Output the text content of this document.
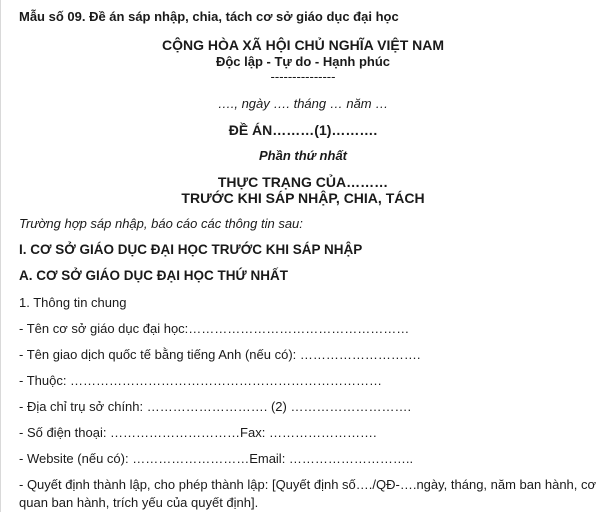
Mẫu số 09. Đề án sáp nhập, chia, tách cơ sở giáo dục đại học
CỘNG HÒA XÃ HỘI CHỦ NGHĨA VIỆT NAM
Độc lập - Tự do - Hạnh phúc
---------------
…., ngày …. tháng … năm …
ĐỀ ÁN………(1)……….
Phần thứ nhất
THỰC TRẠNG CỦA………
TRƯỚC KHI SÁP NHẬP, CHIA, TÁCH
Trường hợp sáp nhập, báo cáo các thông tin sau:
I. CƠ SỞ GIÁO DỤC ĐẠI HỌC TRƯỚC KHI SÁP NHẬP
A. CƠ SỞ GIÁO DỤC ĐẠI HỌC THỨ NHẤT
1. Thông tin chung
- Tên cơ sở giáo dục đại học:……………………………………………
- Tên giao dịch quốc tế bằng tiếng Anh (nếu có): ……………………….
- Thuộc: ………………………………………………………………
- Địa chỉ trụ sở chính: ………………………. (2) ……………………….
- Số điện thoại: …………………………Fax: …………………….
- Website (nếu có): ………………………Email: ………………………..
- Quyết định thành lập, cho phép thành lập: [Quyết định số…./QĐ-….ngày, tháng, năm ban hành, cơ quan ban hành, trích yếu của quyết định].
